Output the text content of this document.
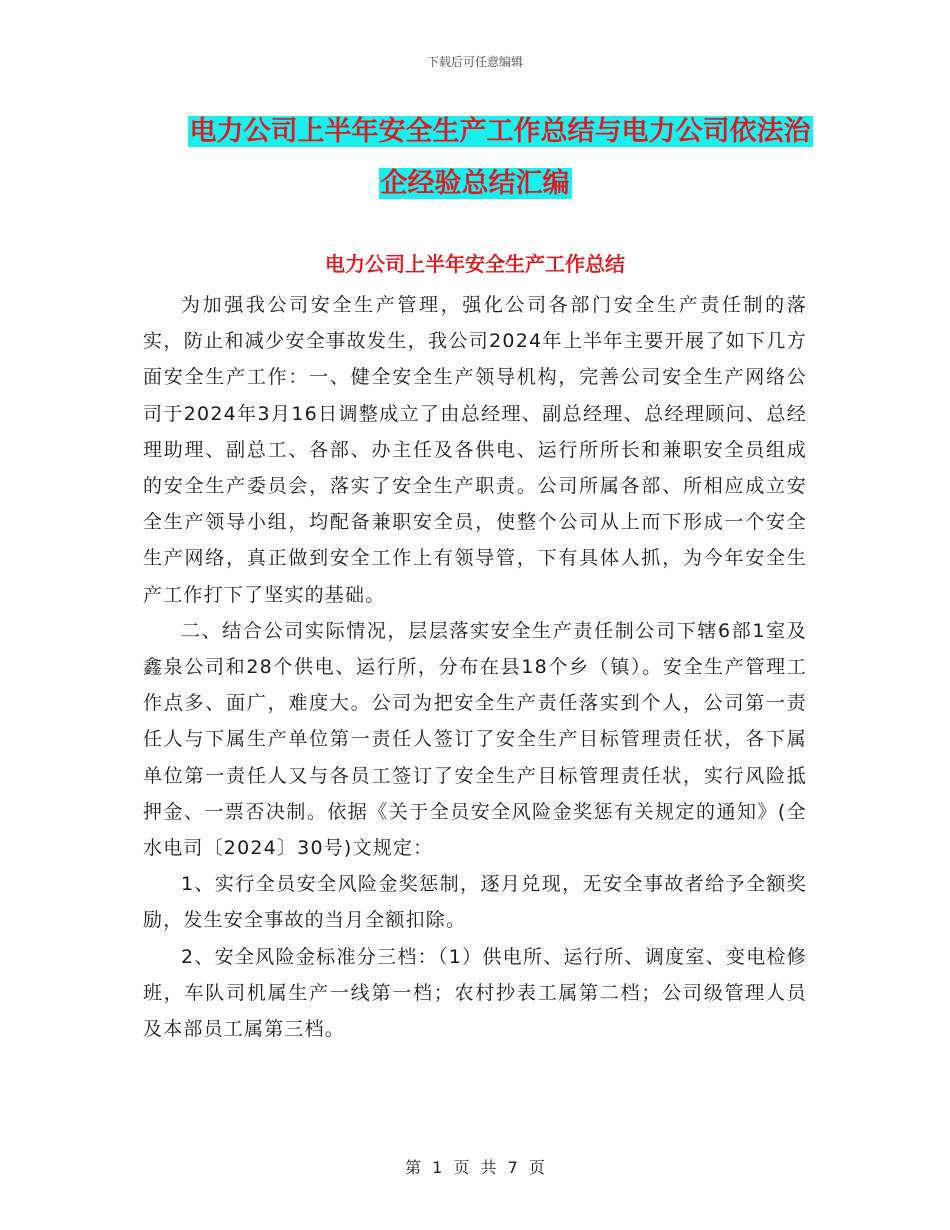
下载后可任意编辑
电力公司上半年安全生产工作总结与电力公司依法治
企经验总结汇编
电力公司上半年安全生产工作总结

为加强我公司安全生产管理，强化公司各部门安全生产责任制的落实，防止和减少安全事故发生，我公司2024年上半年主要开展了如下几方面安全生产工作：一、健全安全生产领导机构，完善公司安全生产网络公司于2024年3月16日调整成立了由总经理、副总经理、总经理顾问、总经理助理、副总工、各部、办主任及各供电、运行所所长和兼职安全员组成的安全生产委员会，落实了安全生产职责。公司所属各部、所相应成立安全生产领导小组，均配备兼职安全员，使整个公司从上而下形成一个安全生产网络，真正做到安全工作上有领导管，下有具体人抓，为今年安全生产工作打下了坚实的基础。

二、结合公司实际情况，层层落实安全生产责任制公司下辖6部1室及鑫泉公司和28个供电、运行所，分布在县18个乡（镇）。安全生产管理工作点多、面广，难度大。公司为把安全生产责任落实到个人，公司第一责任人与下属生产单位第一责任人签订了安全生产目标管理责任状，各下属单位第一责任人又与各员工签订了安全生产目标管理责任状，实行风险抵押金、一票否决制。依据《关于全员安全风险金奖惩有关规定的通知》(全水电司〔2024〕30号)文规定：

1、实行全员安全风险金奖惩制，逐月兑现，无安全事故者给予全额奖励，发生安全事故的当月全额扣除。

2、安全风险金标准分三档：（1）供电所、运行所、调度室、变电检修班，车队司机属生产一线第一档；农村抄表工属第二档；公司级管理人员及本部员工属第三档。

第 1 页 共 7 页
